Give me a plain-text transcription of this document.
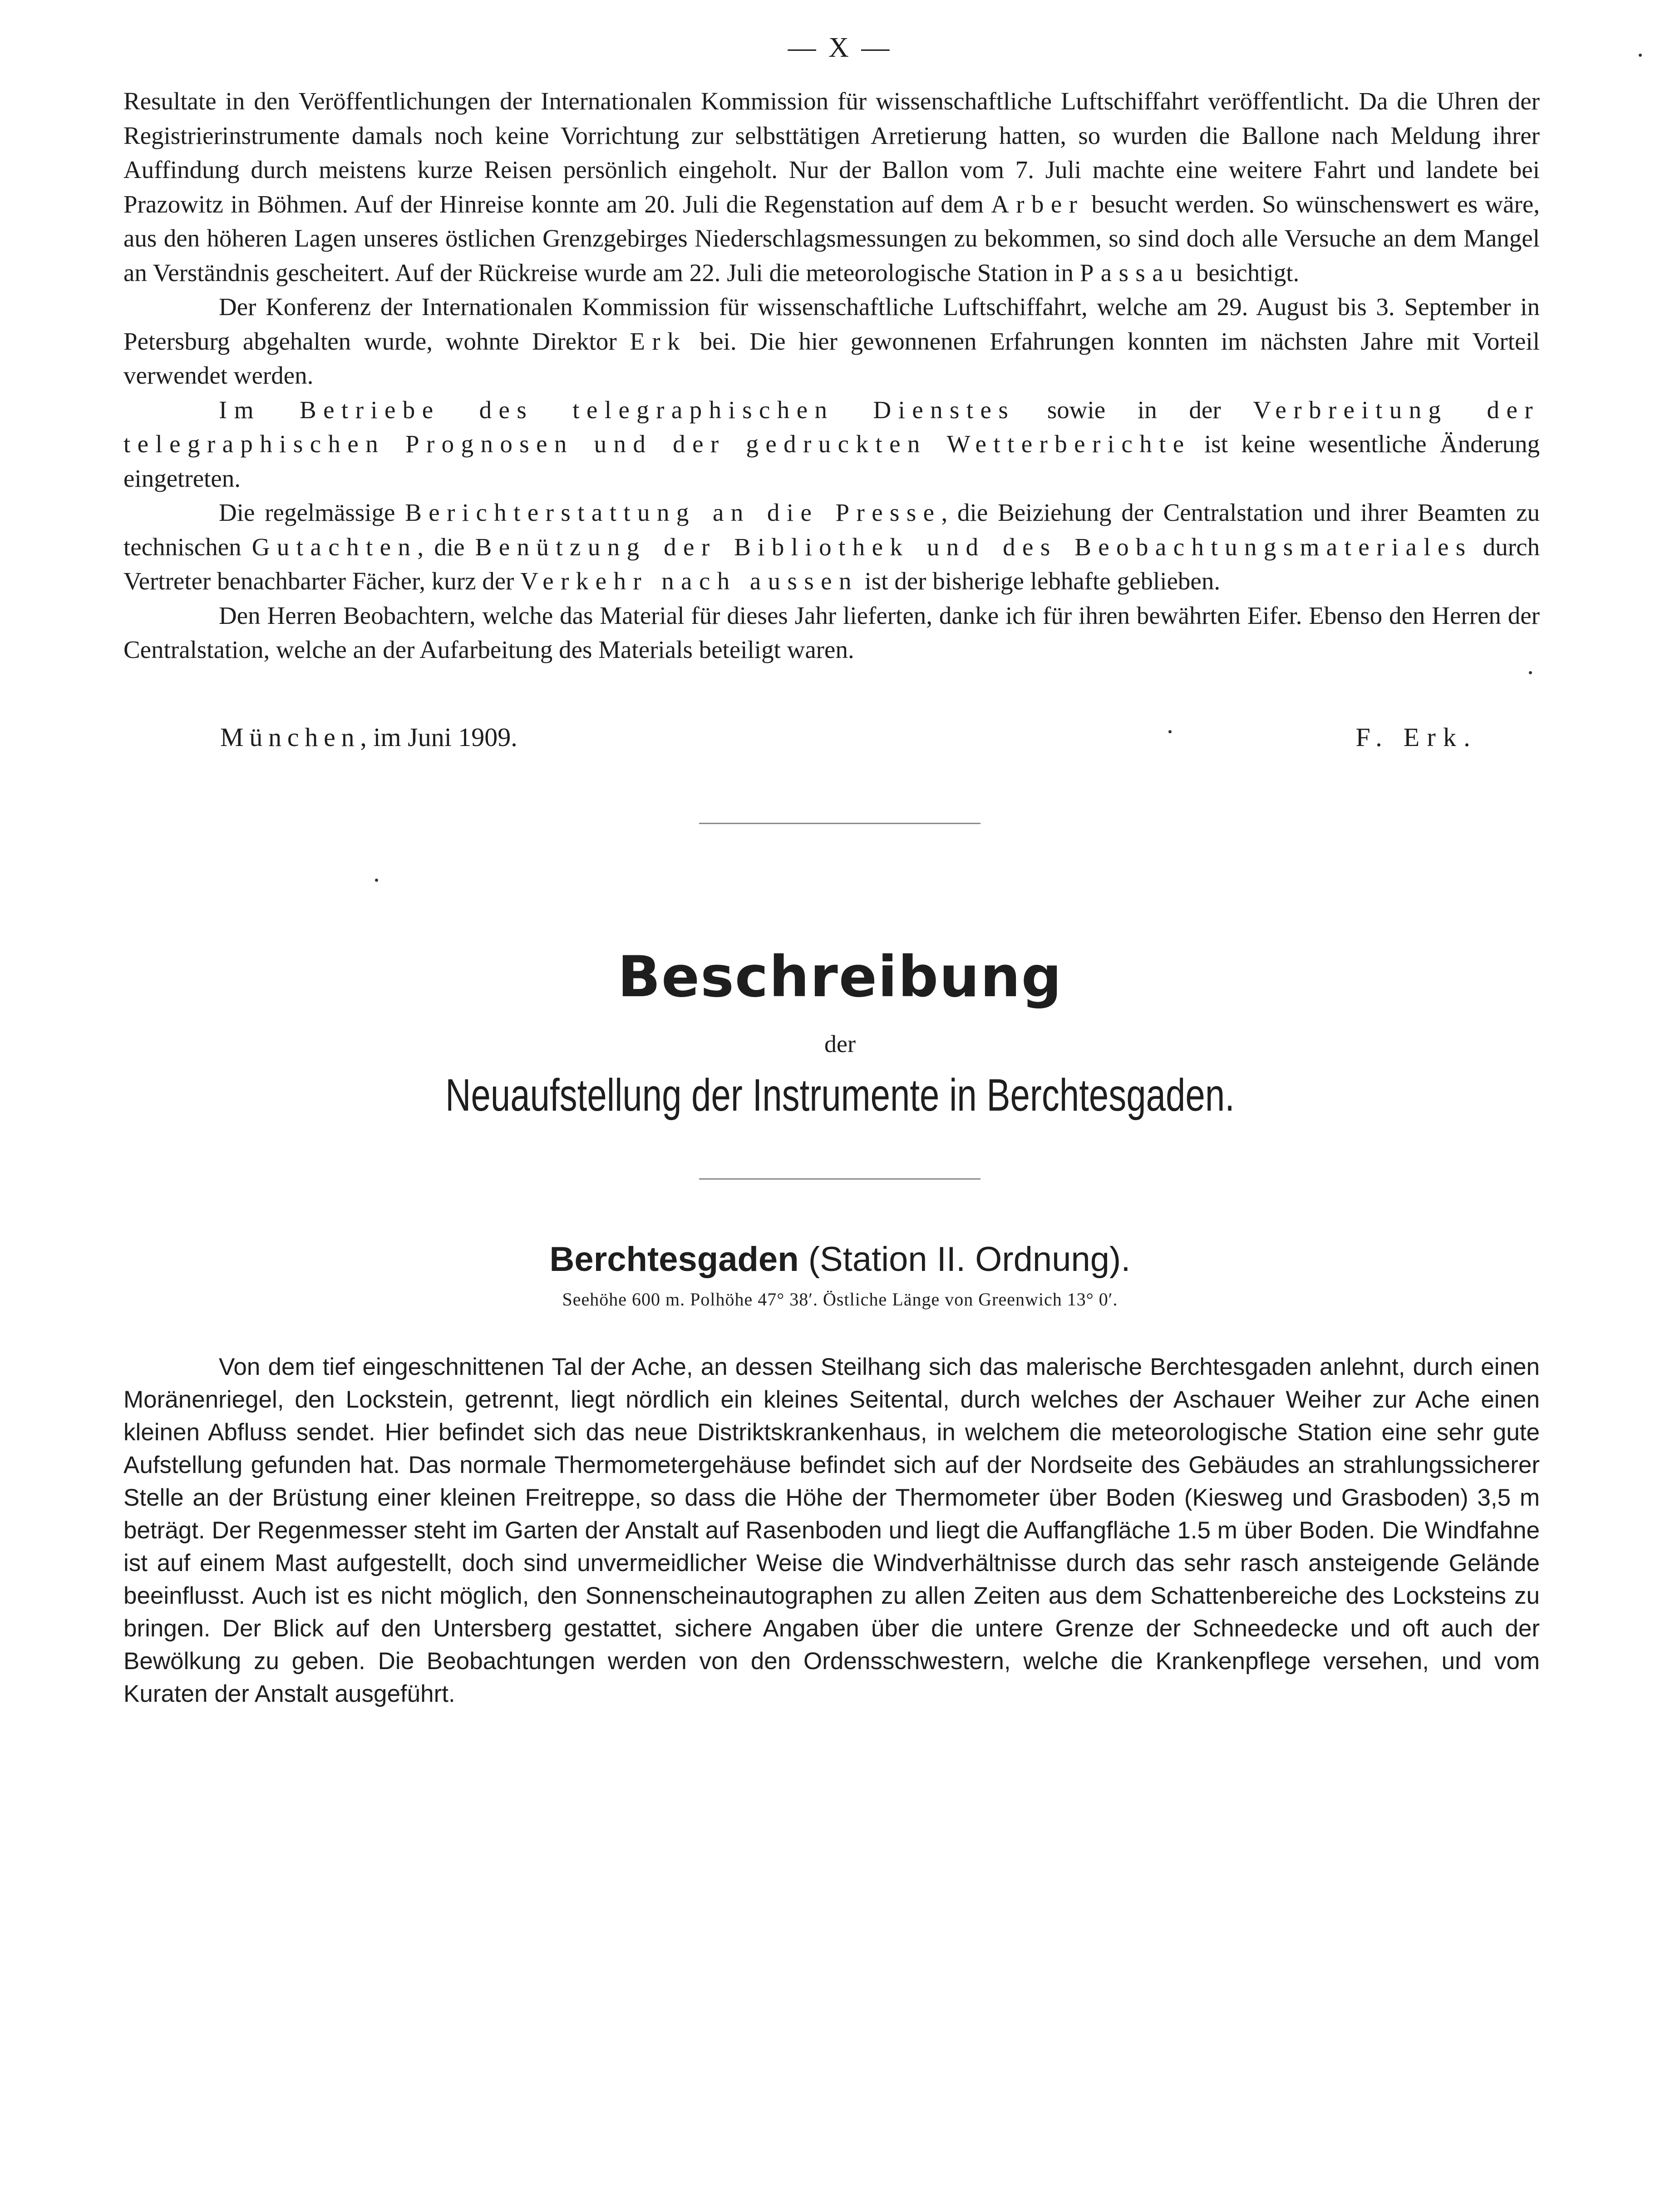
— X —

Resultate in den Veröffentlichungen der Internationalen Kommission für wissenschaftliche Luftschiffahrt veröffentlicht. Da die Uhren der Registrierinstrumente damals noch keine Vorrichtung zur selbsttätigen Arretierung hatten, so wurden die Ballone nach Meldung ihrer Auffindung durch meistens kurze Reisen persönlich eingeholt. Nur der Ballon vom 7. Juli machte eine weitere Fahrt und landete bei Prazowitz in Böhmen. Auf der Hinreise konnte am 20. Juli die Regenstation auf dem Arber besucht werden. So wünschenswert es wäre, aus den höheren Lagen unseres östlichen Grenzgebirges Niederschlagsmessungen zu bekommen, so sind doch alle Versuche an dem Mangel an Verständnis gescheitert. Auf der Rückreise wurde am 22. Juli die meteorologische Station in Passau besichtigt.

Der Konferenz der Internationalen Kommission für wissenschaftliche Luftschiffahrt, welche am 29. August bis 3. September in Petersburg abgehalten wurde, wohnte Direktor Erk bei. Die hier gewonnenen Erfahrungen konnten im nächsten Jahre mit Vorteil verwendet werden.

Im Betriebe des telegraphischen Dienstes sowie in der Verbreitung der telegraphischen Prognosen und der gedruckten Wetterberichte ist keine wesentliche Änderung eingetreten.

Die regelmässige Berichterstattung an die Presse, die Beiziehung der Centralstation und ihrer Beamten zu technischen Gutachten, die Benützung der Bibliothek und des Beobachtungsmateriales durch Vertreter benachbarter Fächer, kurz der Verkehr nach aussen ist der bisherige lebhafte geblieben.

Den Herren Beobachtern, welche das Material für dieses Jahr lieferten, danke ich für ihren bewährten Eifer. Ebenso den Herren der Centralstation, welche an der Aufarbeitung des Materials beteiligt waren.

München, im Juni 1909.	F. Erk.
Beschreibung
der
Neuaufstellung der Instrumente in Berchtesgaden.
Berchtesgaden (Station II. Ordnung).
Seehöhe 600 m. Polhöhe 47° 38′. Östliche Länge von Greenwich 13° 0′.

Von dem tief eingeschnittenen Tal der Ache, an dessen Steilhang sich das malerische Berchtesgaden anlehnt, durch einen Moränenriegel, den Lockstein, getrennt, liegt nördlich ein kleines Seitental, durch welches der Aschauer Weiher zur Ache einen kleinen Abfluss sendet. Hier befindet sich das neue Distriktskrankenhaus, in welchem die meteorologische Station eine sehr gute Aufstellung gefunden hat. Das normale Thermometergehäuse befindet sich auf der Nordseite des Gebäudes an strahlungssicherer Stelle an der Brüstung einer kleinen Freitreppe, so dass die Höhe der Thermometer über Boden (Kiesweg und Grasboden) 3,5 m beträgt. Der Regenmesser steht im Garten der Anstalt auf Rasenboden und liegt die Auffangfläche 1.5 m über Boden. Die Windfahne ist auf einem Mast aufgestellt, doch sind unvermeidlicher Weise die Windverhältnisse durch das sehr rasch ansteigende Gelände beeinflusst. Auch ist es nicht möglich, den Sonnenscheinautographen zu allen Zeiten aus dem Schattenbereiche des Locksteins zu bringen. Der Blick auf den Untersberg gestattet, sichere Angaben über die untere Grenze der Schneedecke und oft auch der Bewölkung zu geben. Die Beobachtungen werden von den Ordensschwestern, welche die Krankenpflege versehen, und vom Kuraten der Anstalt ausgeführt.
